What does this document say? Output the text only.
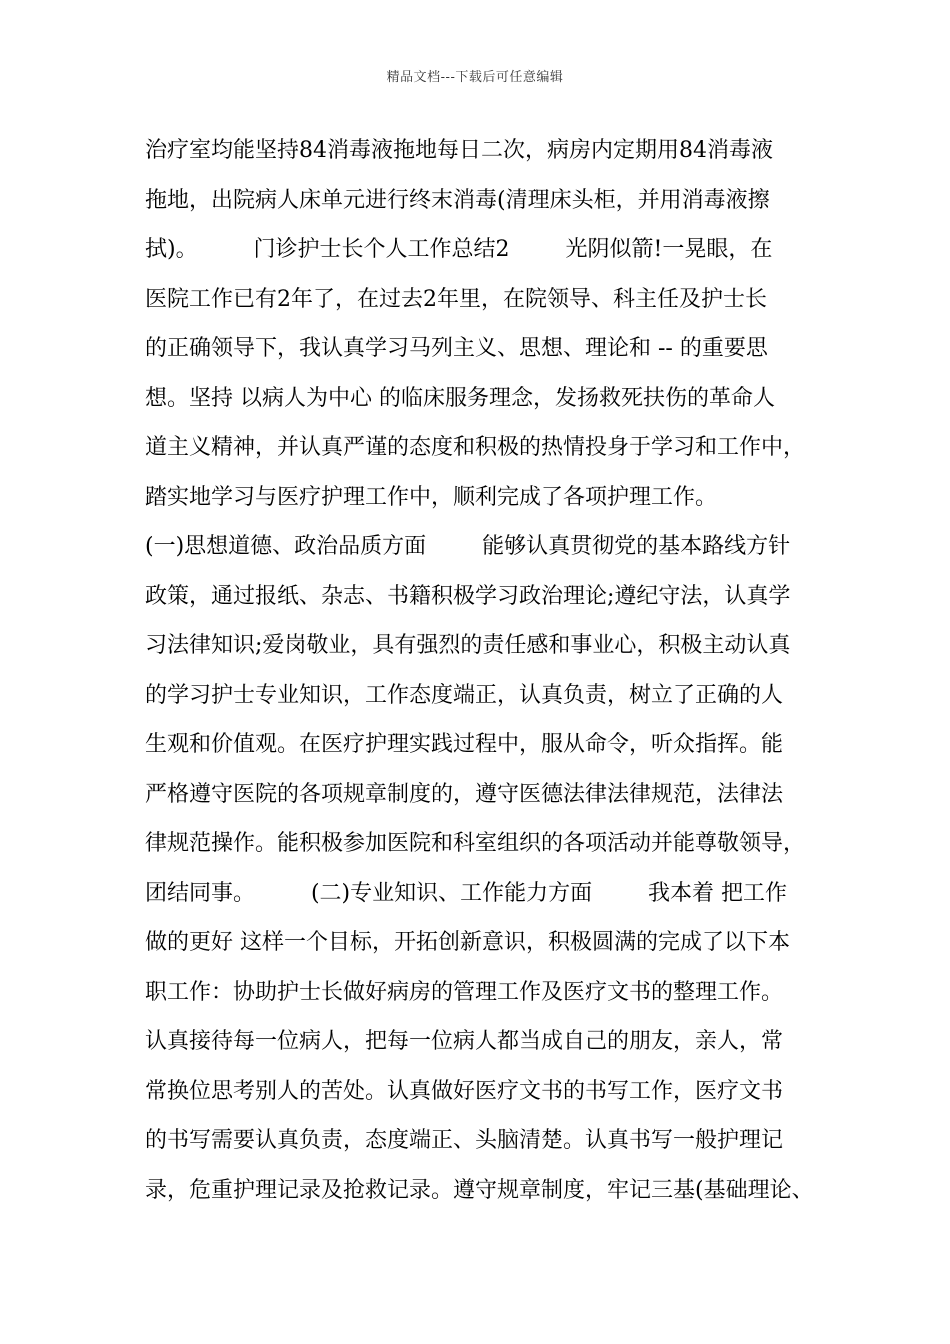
精品文档---下载后可任意编辑
治疗室均能坚持84消毒液拖地每日二次，病房内定期用84消毒液
拖地，出院病人床单元进行终末消毒(清理床头柜，并用消毒液擦
拭)。        门诊护士长个人工作总结2        光阴似箭!一晃眼，在
医院工作已有2年了，在过去2年里，在院领导、科主任及护士长
的正确领导下，我认真学习马列主义、思想、理论和 -- 的重要思
想。坚持 以病人为中心 的临床服务理念，发扬救死扶伤的革命人
道主义精神，并认真严谨的态度和积极的热情投身于学习和工作中，
踏实地学习与医疗护理工作中，顺利完成了各项护理工作。
(一)思想道德、政治品质方面        能够认真贯彻党的基本路线方针
政策，通过报纸、杂志、书籍积极学习政治理论;遵纪守法，认真学
习法律知识;爱岗敬业，具有强烈的责任感和事业心，积极主动认真
的学习护士专业知识，工作态度端正，认真负责，树立了正确的人
生观和价值观。在医疗护理实践过程中，服从命令，听众指挥。能
严格遵守医院的各项规章制度的，遵守医德法律法律规范，法律法
律规范操作。能积极参加医院和科室组织的各项活动并能尊敬领导，
团结同事。        (二)专业知识、工作能力方面        我本着 把工作
做的更好 这样一个目标，开拓创新意识，积极圆满的完成了以下本
职工作：协助护士长做好病房的管理工作及医疗文书的整理工作。
认真接待每一位病人，把每一位病人都当成自己的朋友，亲人，常
常换位思考别人的苦处。认真做好医疗文书的书写工作，医疗文书
的书写需要认真负责，态度端正、头脑清楚。认真书写一般护理记
录，危重护理记录及抢救记录。遵守规章制度，牢记三基(基础理论、
